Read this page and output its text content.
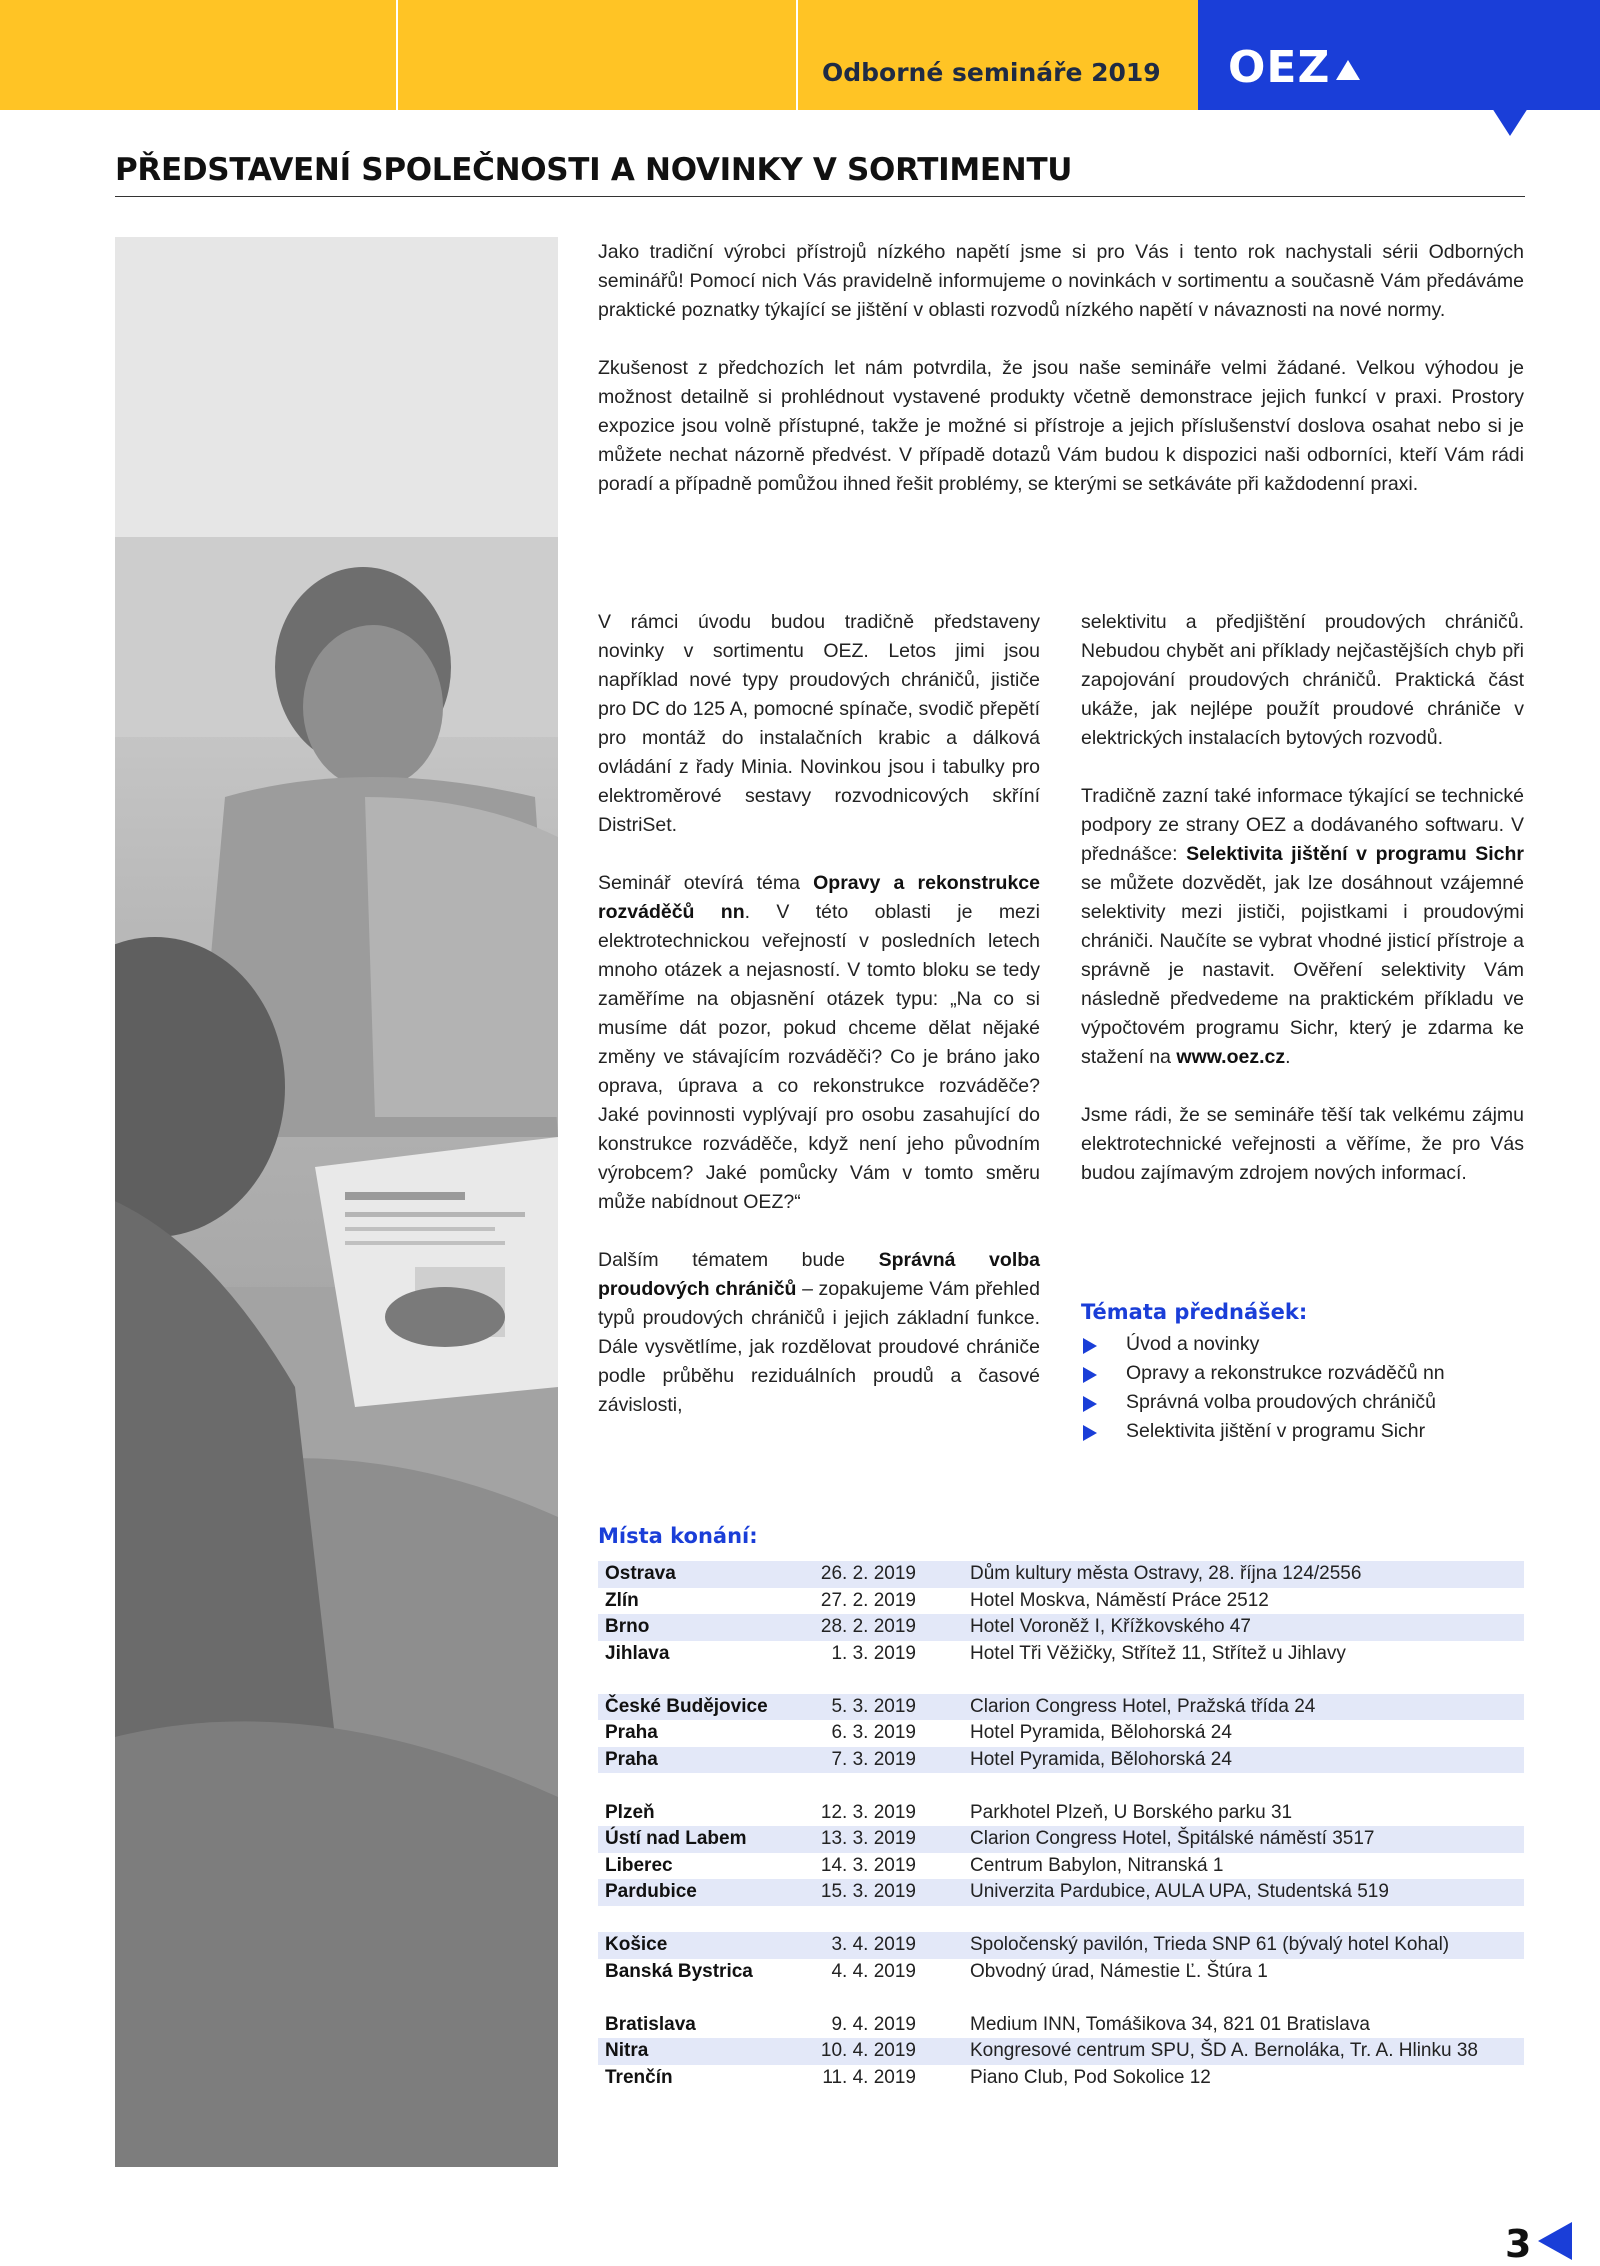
Odborné semináře 2019 OEZ
PŘEDSTAVENÍ SPOLEČNOSTI A NOVINKY V SORTIMENTU

Jako tradiční výrobci přístrojů nízkého napětí jsme si pro Vás i tento rok nachystali sérii Odborných seminářů! Pomocí nich Vás pravidelně informujeme o novinkách v sortimentu a současně Vám předáváme praktické poznatky týkající se jištění v oblasti rozvodů nízkého napětí v návaznosti na nové normy.

Zkušenost z předchozích let nám potvrdila, že jsou naše semináře velmi žádané. Velkou výhodou je možnost detailně si prohlédnout vystavené produkty včetně demonstrace jejich funkcí v praxi. Prostory expozice jsou volně přístupné, takže je možné si přístroje a jejich příslušenství doslova osahat nebo si je můžete nechat názorně předvést. V případě dotazů Vám budou k dispozici naši odborníci, kteří Vám rádi poradí a případně pomůžou ihned řešit problémy, se kterými se setkáváte při každodenní praxi.

V rámci úvodu budou tradičně představeny novinky v sortimentu OEZ. Letos jimi jsou například nové typy proudových chráničů, jističe pro DC do 125 A, pomocné spínače, svodič přepětí pro montáž do instalačních krabic a dálková ovládání z řady Minia. Novinkou jsou i tabulky pro elektroměrové sestavy rozvodnicových skříní DistriSet.

Seminář otevírá téma Opravy a rekonstrukce rozváděčů nn. V této oblasti je mezi elektrotechnickou veřejností v posledních letech mnoho otázek a nejasností. V tomto bloku se tedy zaměříme na objasnění otázek typu: „Na co si musíme dát pozor, pokud chceme dělat nějaké změny ve stávajícím rozváděči? Co je bráno jako oprava, úprava a co rekonstrukce rozváděče? Jaké povinnosti vyplývají pro osobu zasahující do konstrukce rozváděče, když není jeho původním výrobcem? Jaké pomůcky Vám v tomto směru může nabídnout OEZ?“

Dalším tématem bude Správná volba proudových chráničů – zopakujeme Vám přehled typů proudových chráničů i jejich základní funkce. Dále vysvětlíme, jak rozdělovat proudové chrániče podle průběhu reziduálních proudů a časové závislosti,

selektivitu a předjištění proudových chráničů. Nebudou chybět ani příklady nejčastějších chyb při zapojování proudových chráničů. Praktická část ukáže, jak nejlépe použít proudové chrániče v elektrických instalacích bytových rozvodů.

Tradičně zazní také informace týkající se technické podpory ze strany OEZ a dodávaného softwaru. V přednášce: Selektivita jištění v programu Sichr se můžete dozvědět, jak lze dosáhnout vzájemné selektivity mezi jističi, pojistkami i proudovými chrániči. Naučíte se vybrat vhodné jisticí přístroje a správně je nastavit. Ověření selektivity Vám následně předvedeme na praktickém příkladu ve výpočtovém programu Sichr, který je zdarma ke stažení na www.oez.cz.

Jsme rádi, že se semináře těší tak velkému zájmu elektrotechnické veřejnosti a věříme, že pro Vás budou zajímavým zdrojem nových informací.

Témata přednášek:
Úvod a novinky
Opravy a rekonstrukce rozváděčů nn
Správná volba proudových chráničů
Selektivita jištění v programu Sichr
Místa konání:
Ostrava	26. 2. 2019	Dům kultury města Ostravy, 28. října 124/2556
Zlín	27. 2. 2019	Hotel Moskva, Náměstí Práce 2512
Brno	28. 2. 2019	Hotel Voroněž I, Křížkovského 47
Jihlava	1. 3. 2019	Hotel Tři Věžičky, Střítež 11, Střítež u Jihlavy
České Budějovice	5. 3. 2019	Clarion Congress Hotel, Pražská třída 24
Praha	6. 3. 2019	Hotel Pyramida, Bělohorská 24
Praha	7. 3. 2019	Hotel Pyramida, Bělohorská 24
Plzeň	12. 3. 2019	Parkhotel Plzeň, U Borského parku 31
Ústí nad Labem	13. 3. 2019	Clarion Congress Hotel, Špitálské náměstí 3517
Liberec	14. 3. 2019	Centrum Babylon, Nitranská 1
Pardubice	15. 3. 2019	Univerzita Pardubice, AULA UPA, Studentská 519
Košice	3. 4. 2019	Spoločenský pavilón, Trieda SNP 61 (bývalý hotel Kohal)
Banská Bystrica	4. 4. 2019	Obvodný úrad, Námestie Ľ. Štúra 1
Bratislava	9. 4. 2019	Medium INN, Tomášikova 34, 821 01 Bratislava
Nitra	10. 4. 2019	Kongresové centrum SPU, ŠD A. Bernoláka, Tr. A. Hlinku 38
Trenčín	11. 4. 2019	Piano Club, Pod Sokolice 12
3
